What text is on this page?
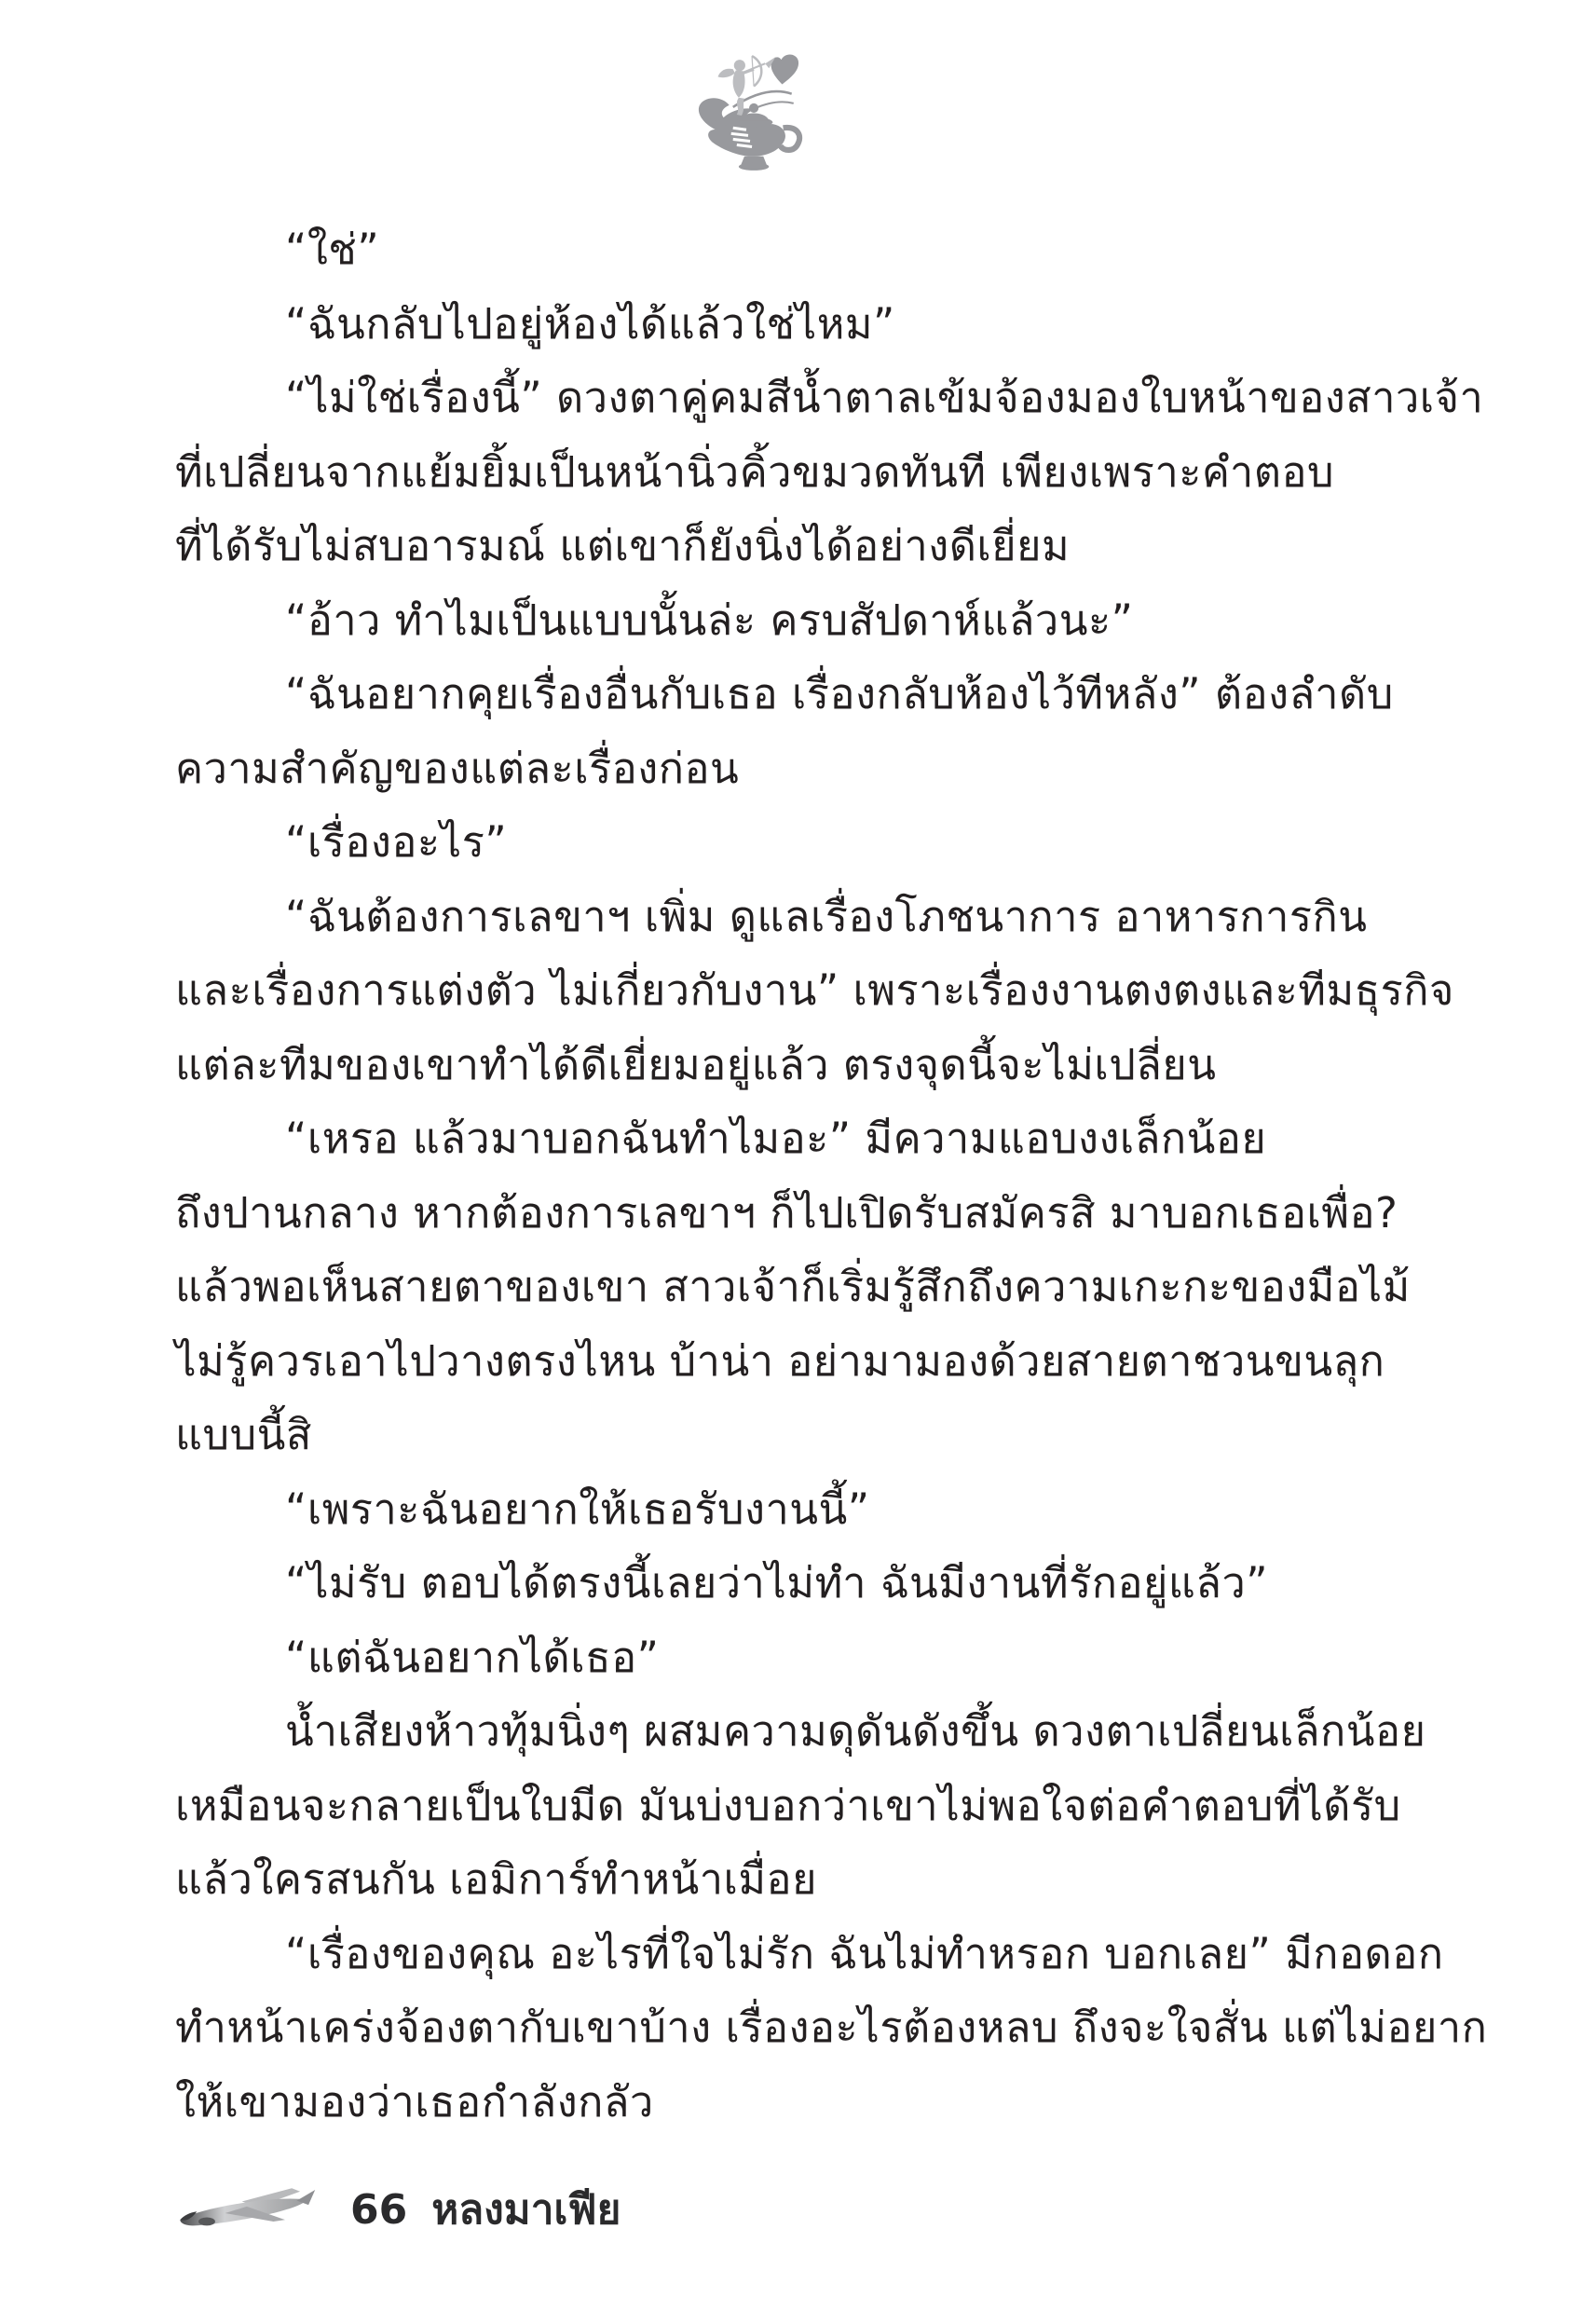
“ใช่”
“ฉันกลับไปอยู่ห้องได้แล้วใช่ไหม”
“ไม่ใช่เรื่องนี้” ดวงตาคู่คมสีน้ำตาลเข้มจ้องมองใบหน้าของสาวเจ้า
ที่เปลี่ยนจากแย้มยิ้มเป็นหน้านิ่วคิ้วขมวดทันที เพียงเพราะคำตอบ
ที่ได้รับไม่สบอารมณ์ แต่เขาก็ยังนิ่งได้อย่างดีเยี่ยม
“อ้าว ทำไมเป็นแบบนั้นล่ะ ครบสัปดาห์แล้วนะ”
“ฉันอยากคุยเรื่องอื่นกับเธอ เรื่องกลับห้องไว้ทีหลัง” ต้องลำดับ
ความสำคัญของแต่ละเรื่องก่อน
“เรื่องอะไร”
“ฉันต้องการเลขาฯ เพิ่ม ดูแลเรื่องโภชนาการ อาหารการกิน
และเรื่องการแต่งตัว ไม่เกี่ยวกับงาน” เพราะเรื่องงานตงตงและทีมธุรกิจ
แต่ละทีมของเขาทำได้ดีเยี่ยมอยู่แล้ว ตรงจุดนี้จะไม่เปลี่ยน
“เหรอ แล้วมาบอกฉันทำไมอะ” มีความแอบงงเล็กน้อย
ถึงปานกลาง หากต้องการเลขาฯ ก็ไปเปิดรับสมัครสิ มาบอกเธอเพื่อ?
แล้วพอเห็นสายตาของเขา สาวเจ้าก็เริ่มรู้สึกถึงความเกะกะของมือไม้
ไม่รู้ควรเอาไปวางตรงไหน บ้าน่า อย่ามามองด้วยสายตาชวนขนลุก
แบบนี้สิ
“เพราะฉันอยากให้เธอรับงานนี้”
“ไม่รับ ตอบได้ตรงนี้เลยว่าไม่ทำ ฉันมีงานที่รักอยู่แล้ว”
“แต่ฉันอยากได้เธอ”
น้ำเสียงห้าวทุ้มนิ่งๆ ผสมความดุดันดังขึ้น ดวงตาเปลี่ยนเล็กน้อย
เหมือนจะกลายเป็นใบมีด มันบ่งบอกว่าเขาไม่พอใจต่อคำตอบที่ได้รับ
แล้วใครสนกัน เอมิการ์ทำหน้าเมื่อย
“เรื่องของคุณ อะไรที่ใจไม่รัก ฉันไม่ทำหรอก บอกเลย” มีกอดอก
ทำหน้าเคร่งจ้องตากับเขาบ้าง เรื่องอะไรต้องหลบ ถึงจะใจสั่น แต่ไม่อยาก
ให้เขามองว่าเธอกำลังกลัว
66 หลงมาเฟีย
